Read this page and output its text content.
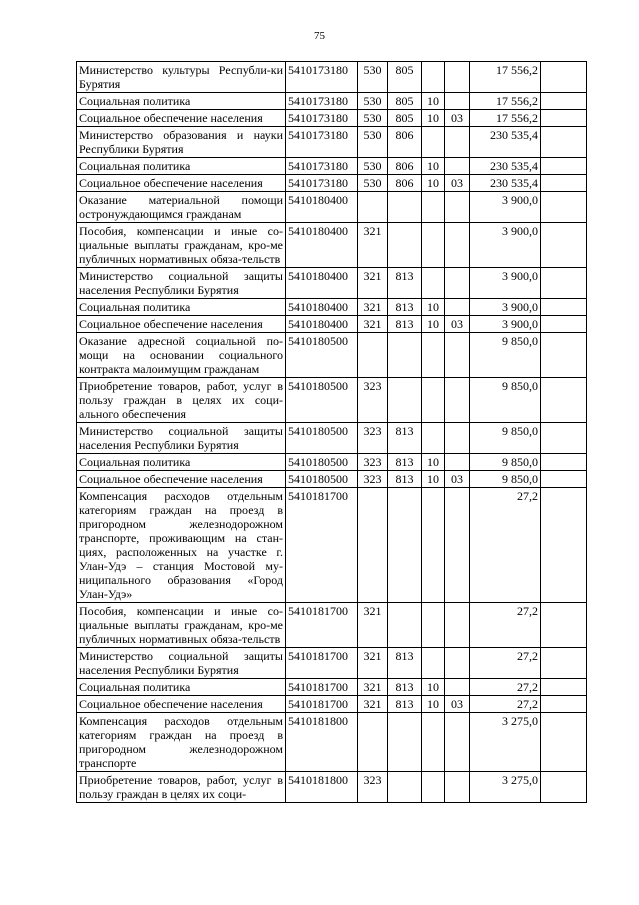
75
Министерство культуры Республи-ки Бурятия	5410173180	530	805			17 556,2	
Социальная политика	5410173180	530	805	10		17 556,2	
Социальное обеспечение населения	5410173180	530	805	10	03	17 556,2	
Министерство образования и науки Республики Бурятия	5410173180	530	806			230 535,4	
Социальная политика	5410173180	530	806	10		230 535,4	
Социальное обеспечение населения	5410173180	530	806	10	03	230 535,4	
Оказание материальной помощи остронуждающимся гражданам	5410180400					3 900,0	
Пособия, компенсации и иные со-циальные выплаты гражданам, кро-ме публичных нормативных обяза-тельств	5410180400	321				3 900,0	
Министерство социальной защиты населения Республики Бурятия	5410180400	321	813			3 900,0	
Социальная политика	5410180400	321	813	10		3 900,0	
Социальное обеспечение населения	5410180400	321	813	10	03	3 900,0	
Оказание адресной социальной по-мощи на основании социального контракта малоимущим гражданам	5410180500					9 850,0	
Приобретение товаров, работ, услуг в пользу граждан в целях их соци-ального обеспечения	5410180500	323				9 850,0	
Министерство социальной защиты населения Республики Бурятия	5410180500	323	813			9 850,0	
Социальная политика	5410180500	323	813	10		9 850,0	
Социальное обеспечение населения	5410180500	323	813	10	03	9 850,0	
Компенсация расходов отдельным категориям граждан на проезд в пригородном железнодорожном транспорте, проживающим на стан-циях, расположенных на участке г. Улан-Удэ – станция Мостовой му-ниципального образования «Город Улан-Удэ»	5410181700					27,2	
Пособия, компенсации и иные со-циальные выплаты гражданам, кро-ме публичных нормативных обяза-тельств	5410181700	321				27,2	
Министерство социальной защиты населения Республики Бурятия	5410181700	321	813			27,2	
Социальная политика	5410181700	321	813	10		27,2	
Социальное обеспечение населения	5410181700	321	813	10	03	27,2	
Компенсация расходов отдельным категориям граждан на проезд в пригородном железнодорожном транспорте	5410181800					3 275,0	
Приобретение товаров, работ, услуг в пользу граждан в целях их соци-	5410181800	323				3 275,0	
